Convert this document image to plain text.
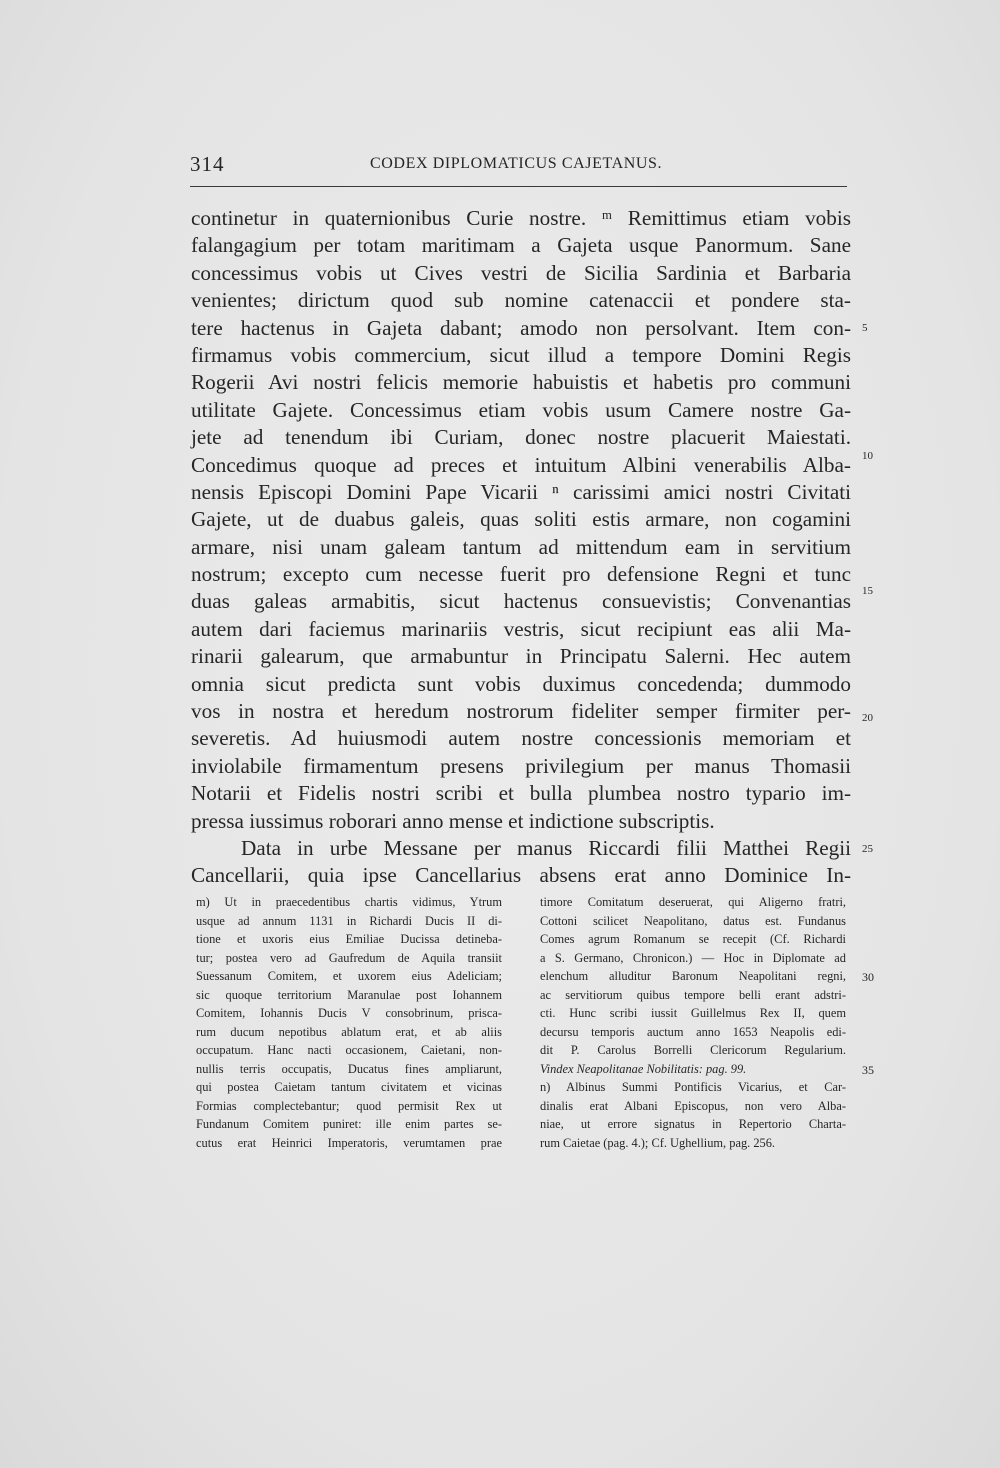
314	CODEX DIPLOMATICUS CAJETANUS.
continetur in quaternionibus Curie nostre. ᵐ Remittimus etiam vobis
falangagium per totam maritimam a Gajeta usque Panormum. Sane
concessimus vobis ut Cives vestri de Sicilia Sardinia et Barbaria
venientes; dirictum quod sub nomine catenaccii et pondere sta-
tere hactenus in Gajeta dabant; amodo non persolvant. Item con-
firmamus vobis commercium, sicut illud a tempore Domini Regis
Rogerii Avi nostri felicis memorie habuistis et habetis pro communi
utilitate Gajete. Concessimus etiam vobis usum Camere nostre Ga-
jete ad tenendum ibi Curiam, donec nostre placuerit Maiestati.
Concedimus quoque ad preces et intuitum Albini venerabilis Alba-
nensis Episcopi Domini Pape Vicarii ⁿ carissimi amici nostri Civitati
Gajete, ut de duabus galeis, quas soliti estis armare, non cogamini
armare, nisi unam galeam tantum ad mittendum eam in servitium
nostrum; excepto cum necesse fuerit pro defensione Regni et tunc
duas galeas armabitis, sicut hactenus consuevistis; Convenantias
autem dari faciemus marinariis vestris, sicut recipiunt eas alii Ma-
rinarii galearum, que armabuntur in Principatu Salerni. Hec autem
omnia sicut predicta sunt vobis duximus concedenda; dummodo
vos in nostra et heredum nostrorum fideliter semper firmiter per-
severetis. Ad huiusmodi autem nostre concessionis memoriam et
inviolabile firmamentum presens privilegium per manus Thomasii
Notarii et Fidelis nostri scribi et bulla plumbea nostro typario im-
pressa iussimus roborari anno mense et indictione subscriptis.
Data in urbe Messane per manus Riccardi filii Matthei Regii
Cancellarii, quia ipse Cancellarius absens erat anno Dominice In-
5
10
15
20
25
m) Ut in praecedentibus chartis vidimus, Ytrum
usque ad annum 1131 in Richardi Ducis II di-
tione et uxoris eius Emiliae Ducissa detineba-
tur; postea vero ad Gaufredum de Aquila transiit
Suessanum Comitem, et uxorem eius Adeliciam;
sic quoque territorium Maranulae post Iohannem
Comitem, Iohannis Ducis V consobrinum, prisca-
rum ducum nepotibus ablatum erat, et ab aliis
occupatum. Hanc nacti occasionem, Caietani, non-
nullis terris occupatis, Ducatus fines ampliarunt,
qui postea Caietam tantum civitatem et vicinas
Formias complectebantur; quod permisit Rex ut
Fundanum Comitem puniret: ille enim partes se-
cutus erat Heinrici Imperatoris, verumtamen prae
timore Comitatum deseruerat, qui Aligerno fratri,
Cottoni scilicet Neapolitano, datus est. Fundanus
Comes agrum Romanum se recepit (Cf. Richardi
a S. Germano, Chronicon.) — Hoc in Diplomate ad
elenchum alluditur Baronum Neapolitani regni,
ac servitiorum quibus tempore belli erant adstri-
cti. Hunc scribi iussit Guillelmus Rex II, quem
decursu temporis auctum anno 1653 Neapolis edi-
dit P. Carolus Borrelli Clericorum Regularium.
Vindex Neapolitanae Nobilitatis: pag. 99.
n) Albinus Summi Pontificis Vicarius, et Car-
dinalis erat Albani Episcopus, non vero Alba-
niae, ut errore signatus in Repertorio Charta-
rum Caietae (pag. 4.); Cf. Ughellium, pag. 256.
30
35
